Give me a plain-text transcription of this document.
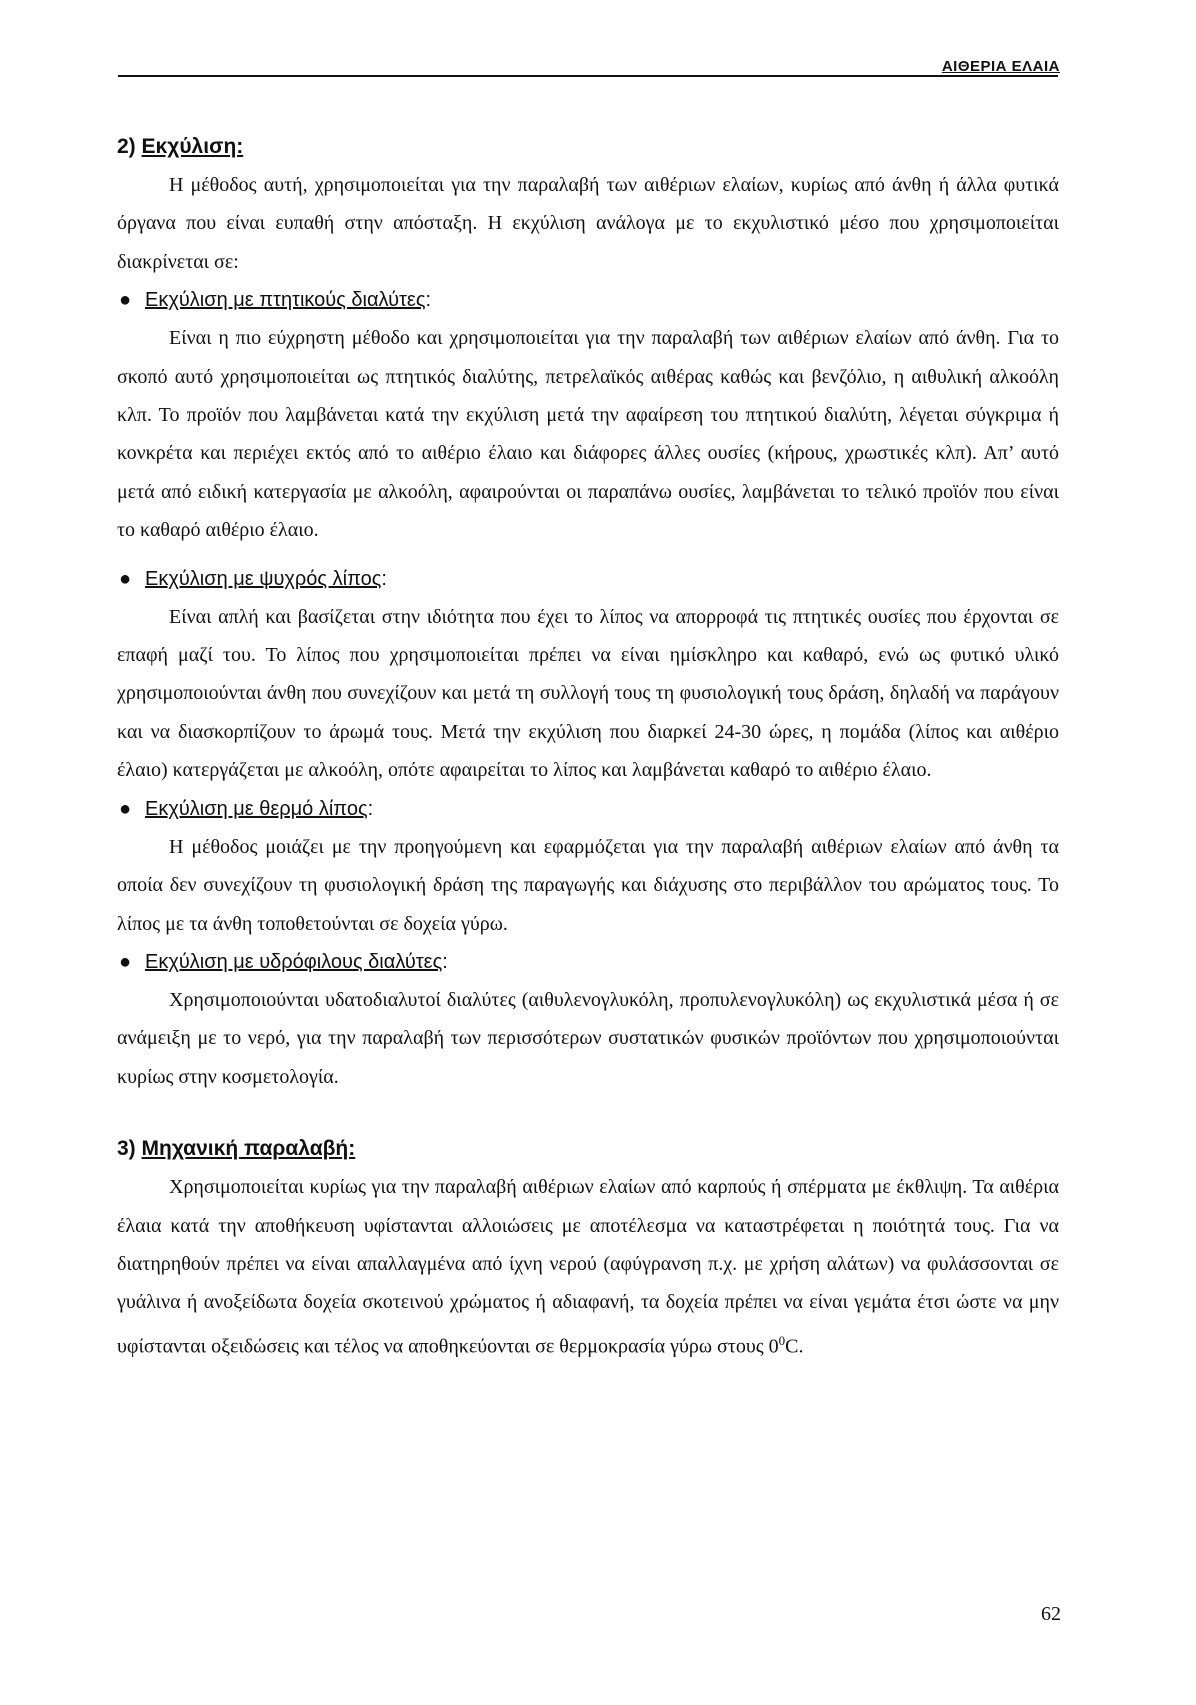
ΑΙΘΕΡΙΑ ΕΛΑΙΑ
2) Εκχύλιση:

Η μέθοδος αυτή, χρησιμοποιείται για την παραλαβή των αιθέριων ελαίων, κυρίως από άνθη ή άλλα φυτικά όργανα που είναι ευπαθή στην απόσταξη. Η εκχύλιση ανάλογα με το εκχυλιστικό μέσο που χρησιμοποιείται διακρίνεται σε:

● Εκχύλιση με πτητικούς διαλύτες:

Είναι η πιο εύχρηστη μέθοδο και χρησιμοποιείται για την παραλαβή των αιθέριων ελαίων από άνθη. Για το σκοπό αυτό χρησιμοποιείται ως πτητικός διαλύτης, πετρελαϊκός αιθέρας καθώς και βενζόλιο, η αιθυλική αλκοόλη κλπ. Το προϊόν που λαμβάνεται κατά την εκχύλιση μετά την αφαίρεση του πτητικού διαλύτη, λέγεται σύγκριμα ή κονκρέτα και περιέχει εκτός από το αιθέριο έλαιο και διάφορες άλλες ουσίες (κήρους, χρωστικές κλπ). Απ’ αυτό μετά από ειδική κατεργασία με αλκοόλη, αφαιρούνται οι παραπάνω ουσίες, λαμβάνεται το τελικό προϊόν που είναι το καθαρό αιθέριο έλαιο.

● Εκχύλιση με ψυχρός λίπος:

Είναι απλή και βασίζεται στην ιδιότητα που έχει το λίπος να απορροφά τις πτητικές ουσίες που έρχονται σε επαφή μαζί του. Το λίπος που χρησιμοποιείται πρέπει να είναι ημίσκληρο και καθαρό, ενώ ως φυτικό υλικό χρησιμοποιούνται άνθη που συνεχίζουν και μετά τη συλλογή τους τη φυσιολογική τους δράση, δηλαδή να παράγουν και να διασκορπίζουν το άρωμά τους. Μετά την εκχύλιση που διαρκεί 24-30 ώρες, η πομάδα (λίπος και αιθέριο έλαιο) κατεργάζεται με αλκοόλη, οπότε αφαιρείται το λίπος και λαμβάνεται καθαρό το αιθέριο έλαιο.

● Εκχύλιση με θερμό λίπος:

Η μέθοδος μοιάζει με την προηγούμενη και εφαρμόζεται για την παραλαβή αιθέριων ελαίων από άνθη τα οποία δεν συνεχίζουν τη φυσιολογική δράση της παραγωγής και διάχυσης στο περιβάλλον του αρώματος τους. Το λίπος με τα άνθη τοποθετούνται σε δοχεία γύρω.

● Εκχύλιση με υδρόφιλους διαλύτες:

Χρησιμοποιούνται υδατοδιαλυτοί διαλύτες (αιθυλενογλυκόλη, προπυλενογλυκόλη) ως εκχυλιστικά μέσα ή σε ανάμειξη με το νερό, για την παραλαβή των περισσότερων συστατικών φυσικών προϊόντων που χρησιμοποιούνται κυρίως στην κοσμετολογία.

3) Μηχανική παραλαβή:

Χρησιμοποιείται κυρίως για την παραλαβή αιθέριων ελαίων από καρπούς ή σπέρματα με έκθλιψη. Τα αιθέρια έλαια κατά την αποθήκευση υφίστανται αλλοιώσεις με αποτέλεσμα να καταστρέφεται η ποιότητά τους. Για να διατηρηθούν πρέπει να είναι απαλλαγμένα από ίχνη νερού (αφύγρανση π.χ. με χρήση αλάτων) να φυλάσσονται σε γυάλινα ή ανοξείδωτα δοχεία σκοτεινού χρώματος ή αδιαφανή, τα δοχεία πρέπει να είναι γεμάτα έτσι ώστε να μην υφίστανται οξειδώσεις και τέλος να αποθηκεύονται σε θερμοκρασία γύρω στους $0^0C$.

62
